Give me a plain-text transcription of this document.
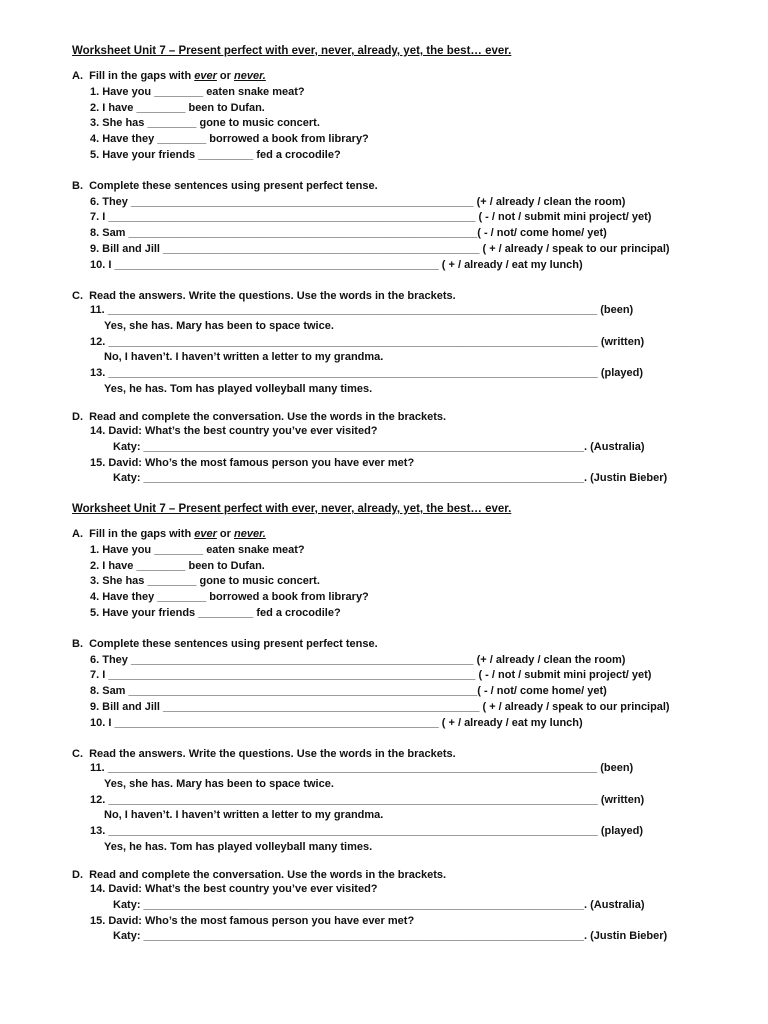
Worksheet Unit 7 – Present perfect with ever, never, already, yet, the best… ever.
A.  Fill in the gaps with ever or never.
1. Have you ________ eaten snake meat?
2. I have ________ been to Dufan.
3. She has ________ gone to music concert.
4. Have they ________ borrowed a book from library?
5. Have your friends _________ fed a crocodile?
B.  Complete these sentences using present perfect tense.
6. They ________________________________________________________ (+ / already / clean the room)
7. I ____________________________________________________________ ( - / not / submit mini project/ yet)
8. Sam _________________________________________________________( - / not/ come home/ yet)
9. Bill and Jill ____________________________________________________ ( + / already / speak to our principal)
10. I _____________________________________________________ ( + / already / eat my lunch)
C.  Read the answers. Write the questions. Use the words in the brackets.
11. ________________________________________________________________________________ (been)
Yes, she has. Mary has been to space twice.
12. ________________________________________________________________________________ (written)
No, I haven’t. I haven’t written a letter to my grandma.
13. ________________________________________________________________________________ (played)
Yes, he has. Tom has played volleyball many times.
D.  Read and complete the conversation. Use the words in the brackets.
14. David: What’s the best country you’ve ever visited?
Katy: ________________________________________________________________________. (Australia)
15. David: Who’s the most famous person you have ever met?
Katy: ________________________________________________________________________. (Justin Bieber)
Worksheet Unit 7 – Present perfect with ever, never, already, yet, the best… ever.
A.  Fill in the gaps with ever or never.
1. Have you ________ eaten snake meat?
2. I have ________ been to Dufan.
3. She has ________ gone to music concert.
4. Have they ________ borrowed a book from library?
5. Have your friends _________ fed a crocodile?
B.  Complete these sentences using present perfect tense.
6. They ________________________________________________________ (+ / already / clean the room)
7. I ____________________________________________________________ ( - / not / submit mini project/ yet)
8. Sam _________________________________________________________( - / not/ come home/ yet)
9. Bill and Jill ____________________________________________________ ( + / already / speak to our principal)
10. I _____________________________________________________ ( + / already / eat my lunch)
C.  Read the answers. Write the questions. Use the words in the brackets.
11. ________________________________________________________________________________ (been)
Yes, she has. Mary has been to space twice.
12. ________________________________________________________________________________ (written)
No, I haven’t. I haven’t written a letter to my grandma.
13. ________________________________________________________________________________ (played)
Yes, he has. Tom has played volleyball many times.
D.  Read and complete the conversation. Use the words in the brackets.
14. David: What’s the best country you’ve ever visited?
Katy: ________________________________________________________________________. (Australia)
15. David: Who’s the most famous person you have ever met?
Katy: ________________________________________________________________________. (Justin Bieber)
